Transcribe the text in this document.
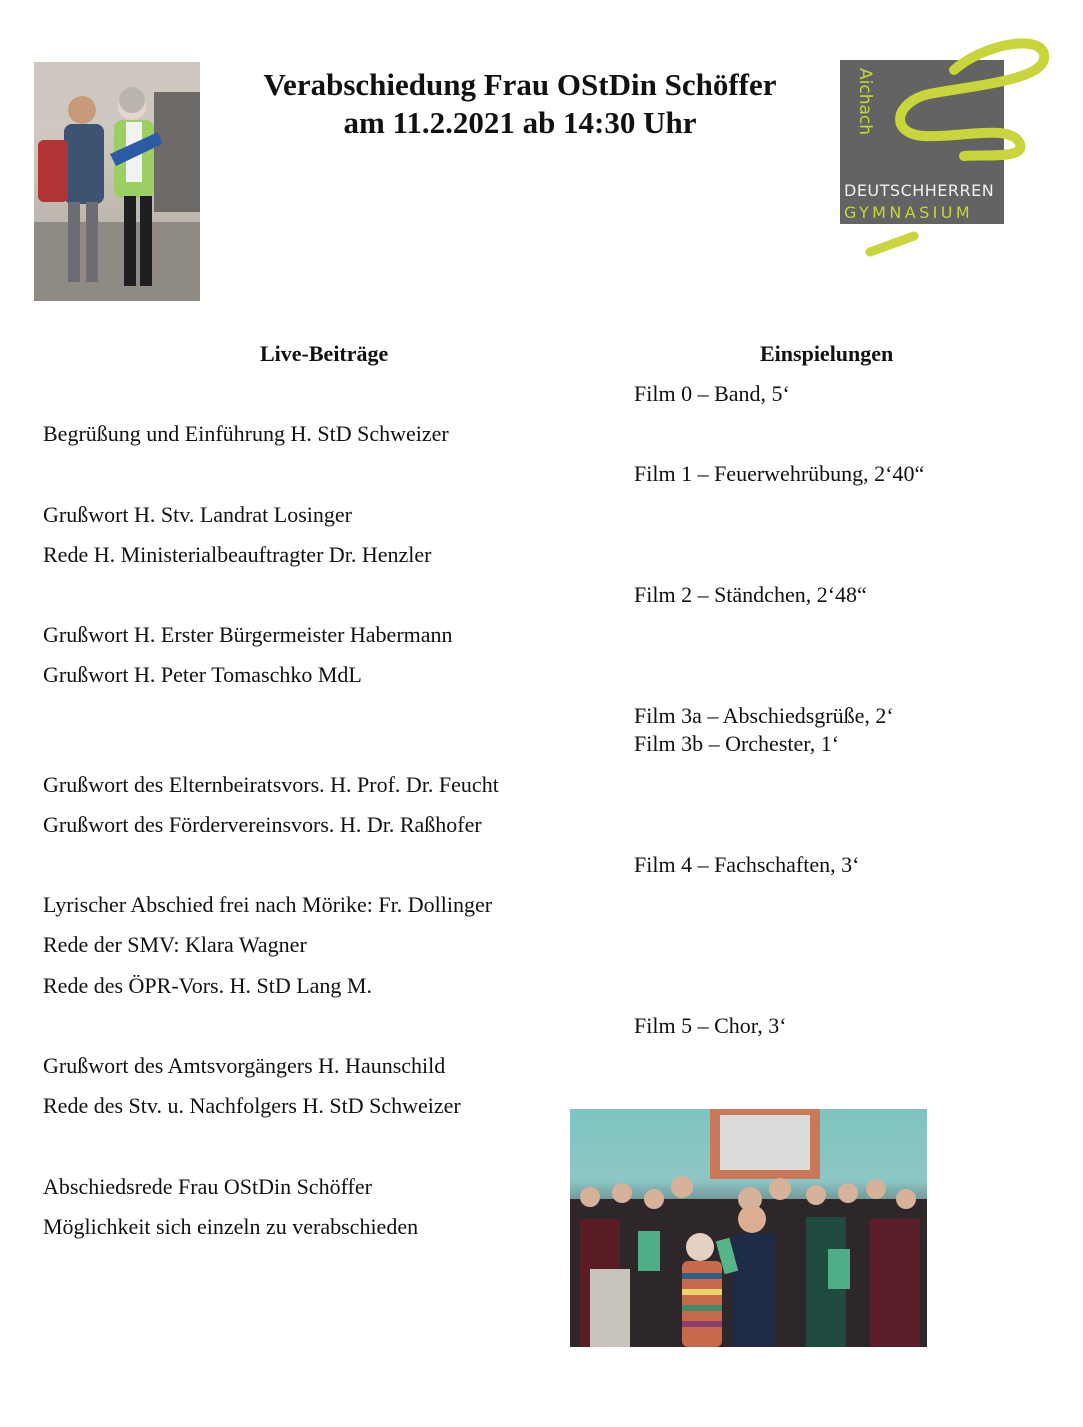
Verabschiedung Frau OStDin Schöffer
am 11.2.2021 ab 14:30 Uhr	Aichach
DEUTSCHHERREN
GYMNASIUM
Live-Beiträge	Einspielungen
Film 0 – Band, 5‘
Film 1 – Feuerwehrübung, 2‘40“
Film 2 – Ständchen, 2‘48“
Film 3a – Abschiedsgrüße, 2‘
Film 3b – Orchester, 1‘
Film 4 – Fachschaften, 3‘
Film 5 – Chor, 3‘
Begrüßung und Einführung H. StD Schweizer
Grußwort H. Stv. Landrat Losinger
Rede H. Ministerialbeauftragter Dr. Henzler
Grußwort H. Erster Bürgermeister Habermann
Grußwort H. Peter Tomaschko MdL
Grußwort des Elternbeiratsvors. H. Prof. Dr. Feucht
Grußwort des Fördervereinsvors. H. Dr. Raßhofer
Lyrischer Abschied frei nach Mörike: Fr. Dollinger
Rede der SMV: Klara Wagner
Rede des ÖPR-Vors. H. StD Lang M.
Grußwort des Amtsvorgängers H. Haunschild
Rede des Stv. u. Nachfolgers H. StD Schweizer
Abschiedsrede Frau OStDin Schöffer
Möglichkeit sich einzeln zu verabschieden
